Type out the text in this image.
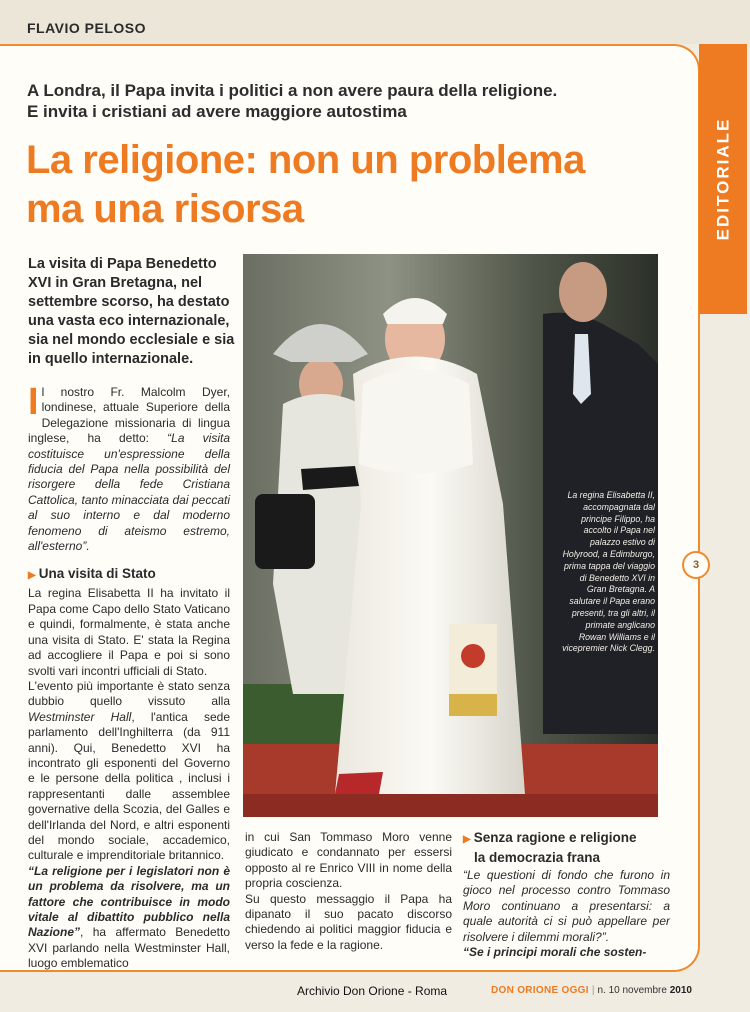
FLAVIO PELOSO
EDITORIALE
3
A Londra, il Papa invita i politici a non avere paura della religione.
E invita i cristiani ad avere maggiore autostima
La religione: non un problema
ma una risorsa
La visita di Papa Benedetto XVI in Gran Bretagna, nel settembre scorso, ha destato una vasta eco internazionale, sia nel mondo ecclesiale e sia in quello internazionale.

Il nostro Fr. Malcolm Dyer, londinese, attuale Superiore della Delegazione missionaria di lingua inglese, ha detto: “La visita costituisce un'espressione della fiducia del Papa nella possibilità del risorgere della fede Cristiana Cattolica, tanto minacciata dai peccati al suo interno e dal moderno fenomeno di ateismo estremo, all'esterno”.

▶ Una visita di Stato

La regina Elisabetta II ha invitato il Papa come Capo dello Stato Vaticano e quindi, formalmente, è stata anche una visita di Stato. E' stata la Regina ad accogliere il Papa e poi si sono svolti vari incontri ufficiali di Stato.

L'evento più importante è stato senza dubbio quello vissuto alla Westminster Hall, l'antica sede parlamento dell'Inghilterra (da 911 anni). Qui, Benedetto XVI ha incontrato gli esponenti del Governo e le persone della politica , inclusi i rappresentanti dalle assemblee governative della Scozia, del Galles e dell'Irlanda del Nord, e altri esponenti del mondo sociale, accademico, culturale e imprenditoriale britannico.

“La religione per i legislatori non è un problema da risolvere, ma un fattore che contribuisce in modo vitale al dibattito pubblico nella Nazione”, ha affermato Benedetto XVI parlando nella Westminster Hall, luogo emblematico

La regina Elisabetta II, accompagnata dal principe Filippo, ha accolto il Papa nel palazzo estivo di Holyrood, a Edimburgo, prima tappa del viaggio di Benedetto XVI in Gran Bretagna. A salutare il Papa erano presenti, tra gli altri, il primate anglicano Rowan Williams e il vicepremier Nick Clegg.

in cui San Tommaso Moro venne giudicato e condannato per essersi opposto al re Enrico VIII in nome della propria coscienza.

Su questo messaggio il Papa ha dipanato il suo pacato discorso chiedendo ai politici maggior fiducia e verso la fede e la ragione.

▶ Senza ragione e religione
la democrazia frana

“Le questioni di fondo che furono in gioco nel processo contro Tommaso Moro continuano a presentarsi: a quale autorità ci si può appellare per risolvere i dilemmi morali?”.

“Se i principi morali che sosten-

Archivio Don Orione - Roma	DON ORIONE OGGI | n. 10 novembre 2010
